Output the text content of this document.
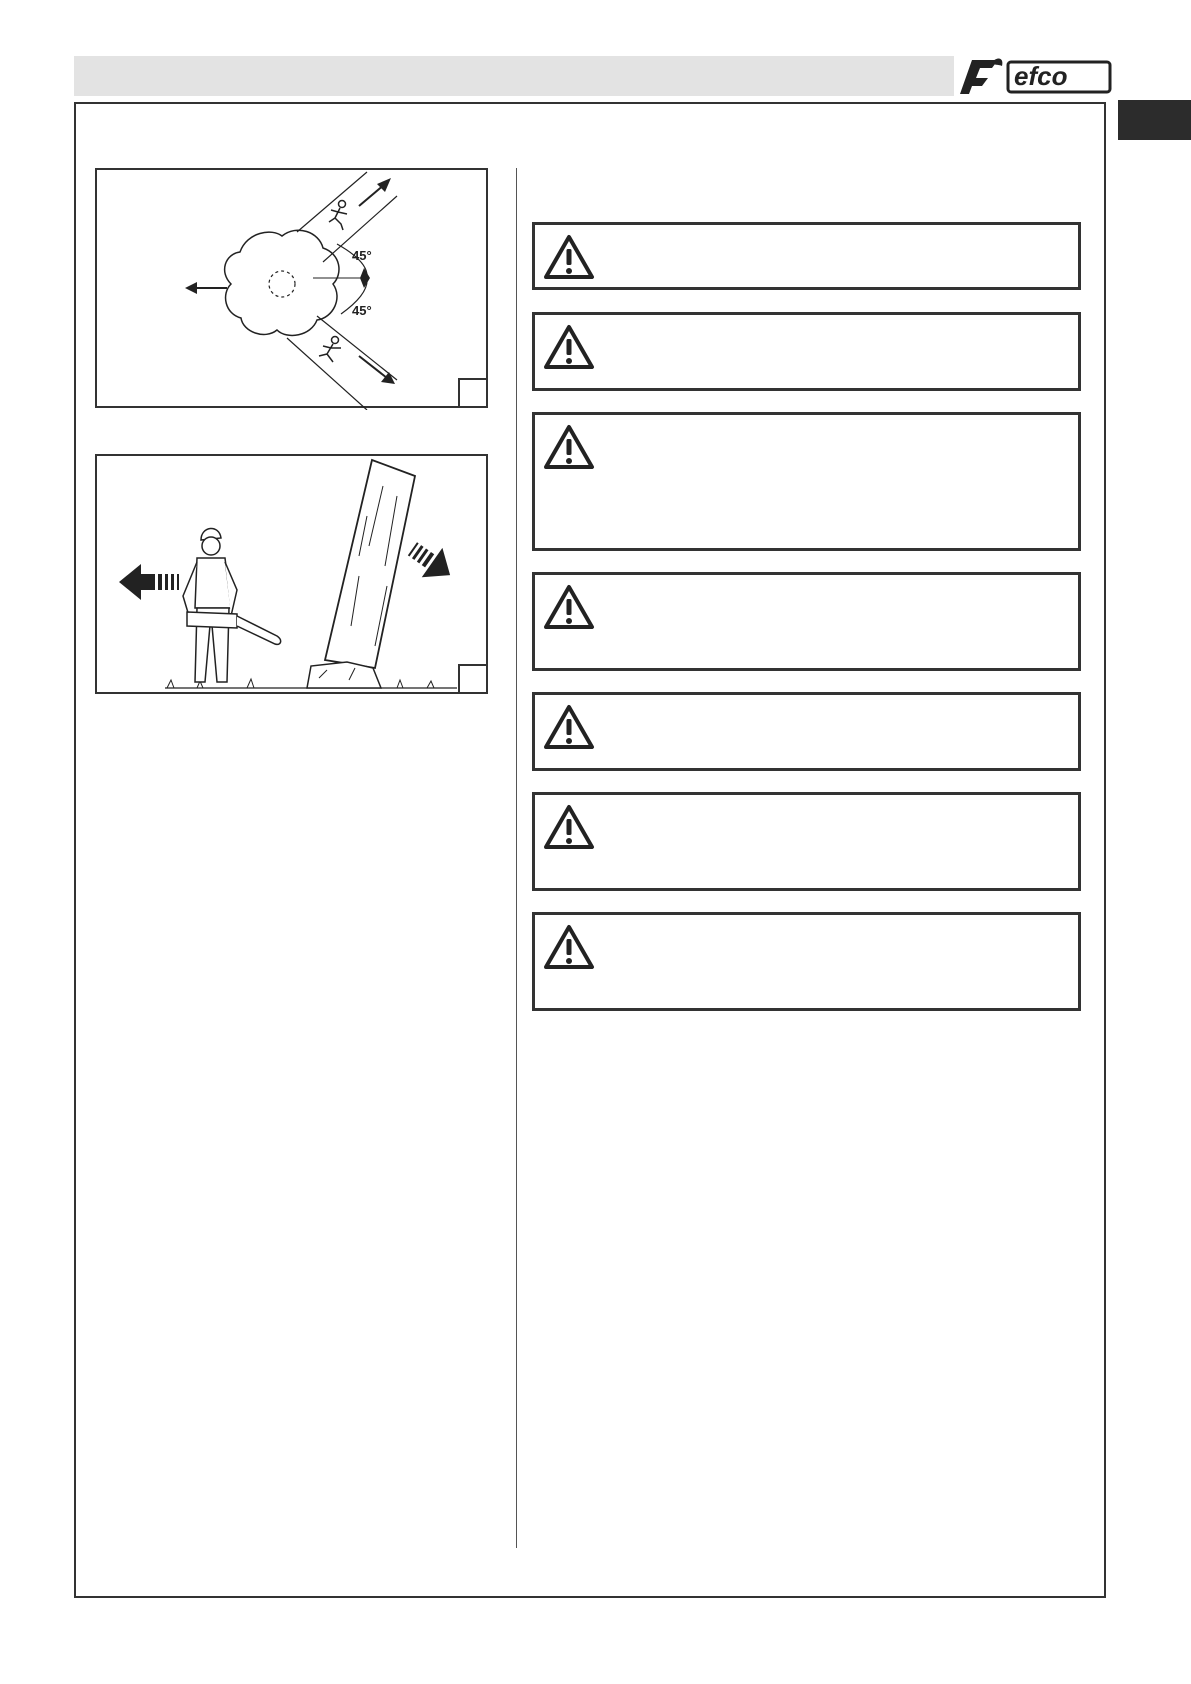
efco
45°
45°
